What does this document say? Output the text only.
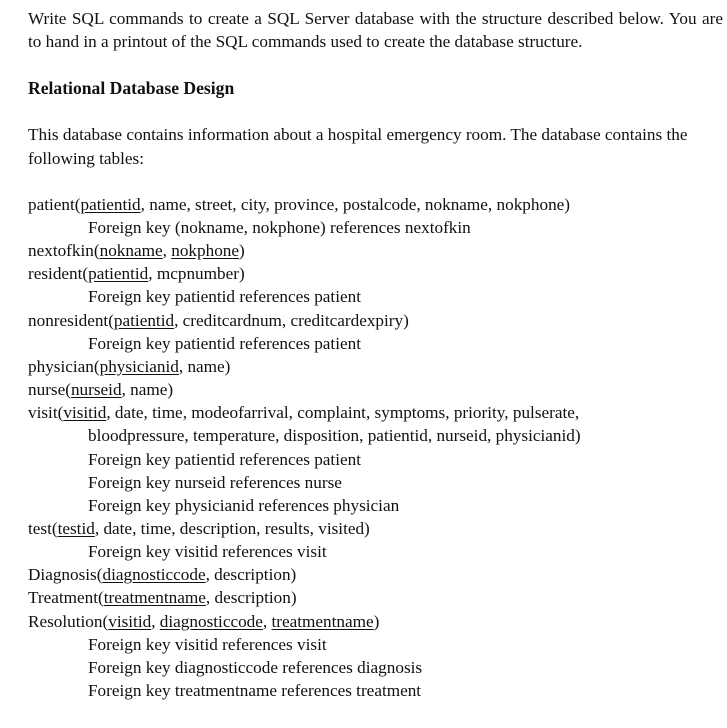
Write SQL commands to create a SQL Server database with the structure described below. You are to hand in a printout of the SQL commands used to create the database structure.

Relational Database Design

This database contains information about a hospital emergency room. The database contains the following tables:

patient(patientid, name, street, city, province, postalcode, nokname, nokphone)
Foreign key (nokname, nokphone) references nextofkin
nextofkin(nokname, nokphone)
resident(patientid, mcpnumber)
Foreign key patientid references patient
nonresident(patientid, creditcardnum, creditcardexpiry)
Foreign key patientid references patient
physician(physicianid, name)
nurse(nurseid, name)
visit(visitid, date, time, modeofarrival, complaint, symptoms, priority, pulserate,
bloodpressure, temperature, disposition, patientid, nurseid, physicianid)
Foreign key patientid references patient
Foreign key nurseid references nurse
Foreign key physicianid references physician
test(testid, date, time, description, results, visited)
Foreign key visitid references visit
Diagnosis(diagnosticcode, description)
Treatment(treatmentname, description)
Resolution(visitid, diagnosticcode, treatmentname)
Foreign key visitid references visit
Foreign key diagnosticcode references diagnosis
Foreign key treatmentname references treatment
